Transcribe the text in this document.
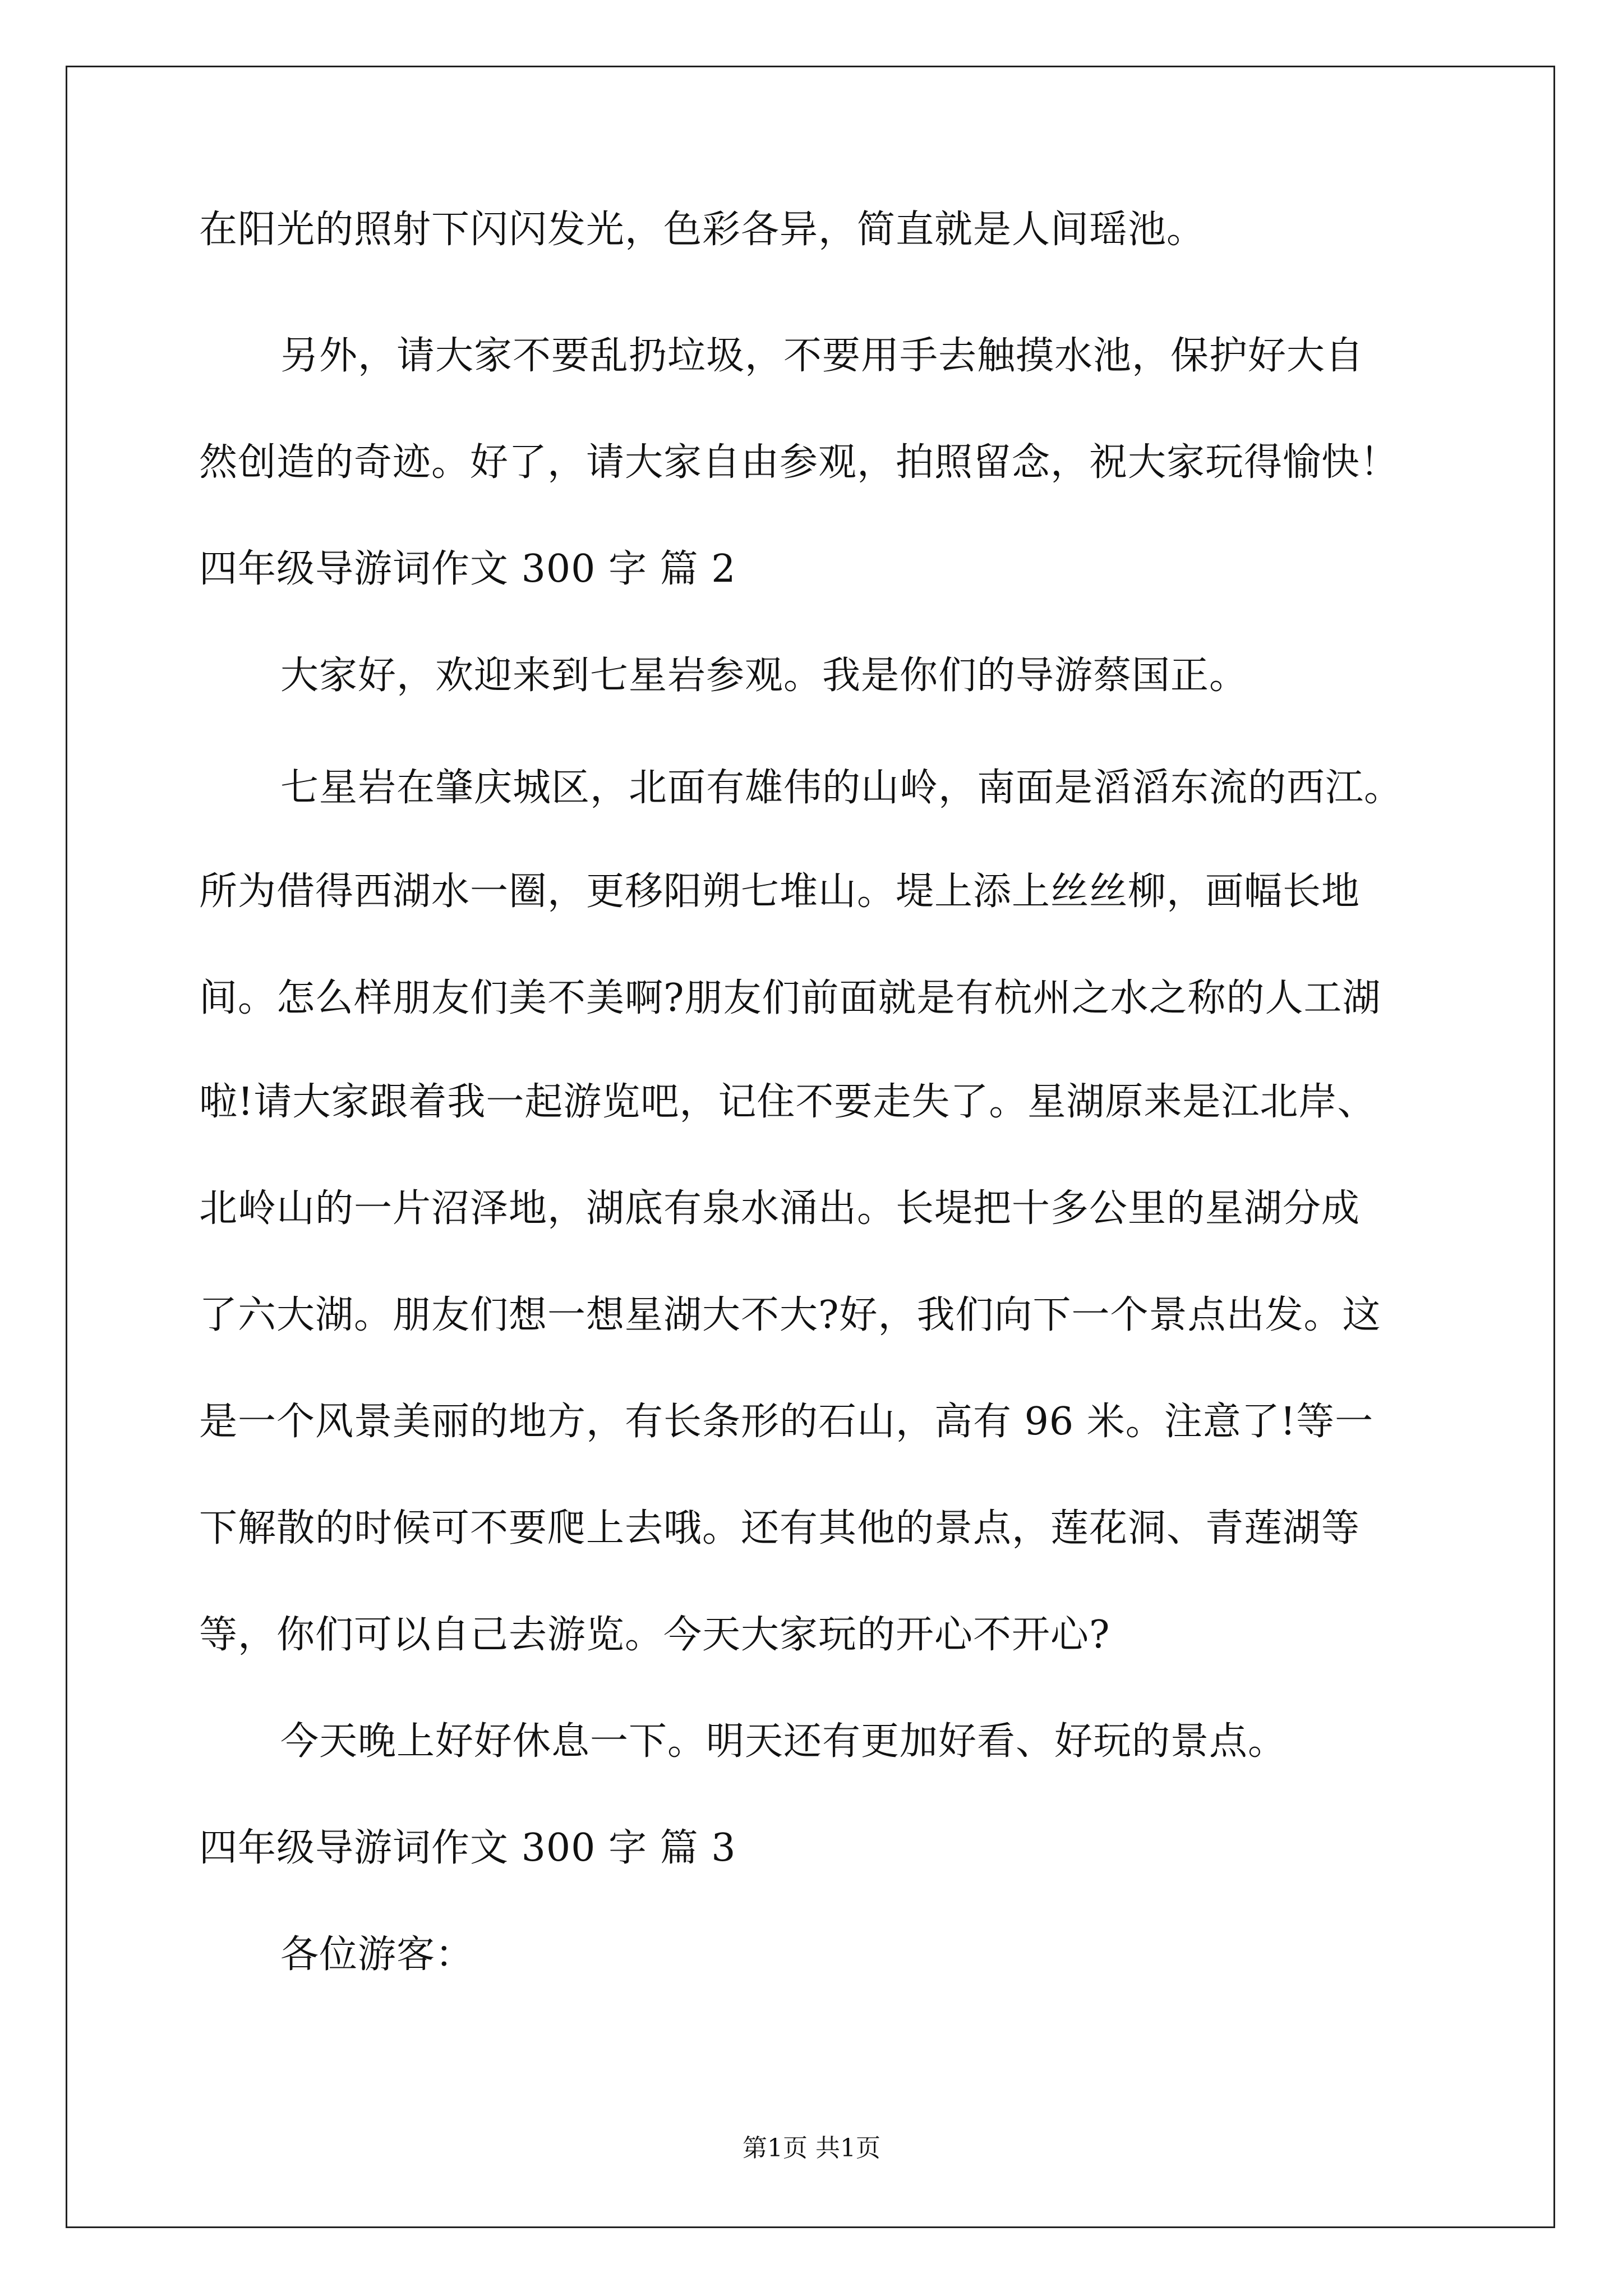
在阳光的照射下闪闪发光，色彩各异，简直就是人间瑶池。
另外，请大家不要乱扔垃圾，不要用手去触摸水池，保护好大自
然创造的奇迹。好了，请大家自由参观，拍照留念，祝大家玩得愉快！
四年级导游词作文 300 字 篇 2
大家好，欢迎来到七星岩参观。我是你们的导游蔡国正。
七星岩在肇庆城区，北面有雄伟的山岭，南面是滔滔东流的西江。
所为借得西湖水一圈，更移阳朔七堆山。堤上添上丝丝柳，画幅长地
间。怎么样朋友们美不美啊?朋友们前面就是有杭州之水之称的人工湖
啦!请大家跟着我一起游览吧，记住不要走失了。星湖原来是江北岸、
北岭山的一片沼泽地，湖底有泉水涌出。长堤把十多公里的星湖分成
了六大湖。朋友们想一想星湖大不大?好，我们向下一个景点出发。这
是一个风景美丽的地方，有长条形的石山，高有 96 米。注意了!等一
下解散的时候可不要爬上去哦。还有其他的景点，莲花洞、青莲湖等
等，你们可以自己去游览。今天大家玩的开心不开心?
今天晚上好好休息一下。明天还有更加好看、好玩的景点。
四年级导游词作文 300 字 篇 3
各位游客：
第1页 共1页
